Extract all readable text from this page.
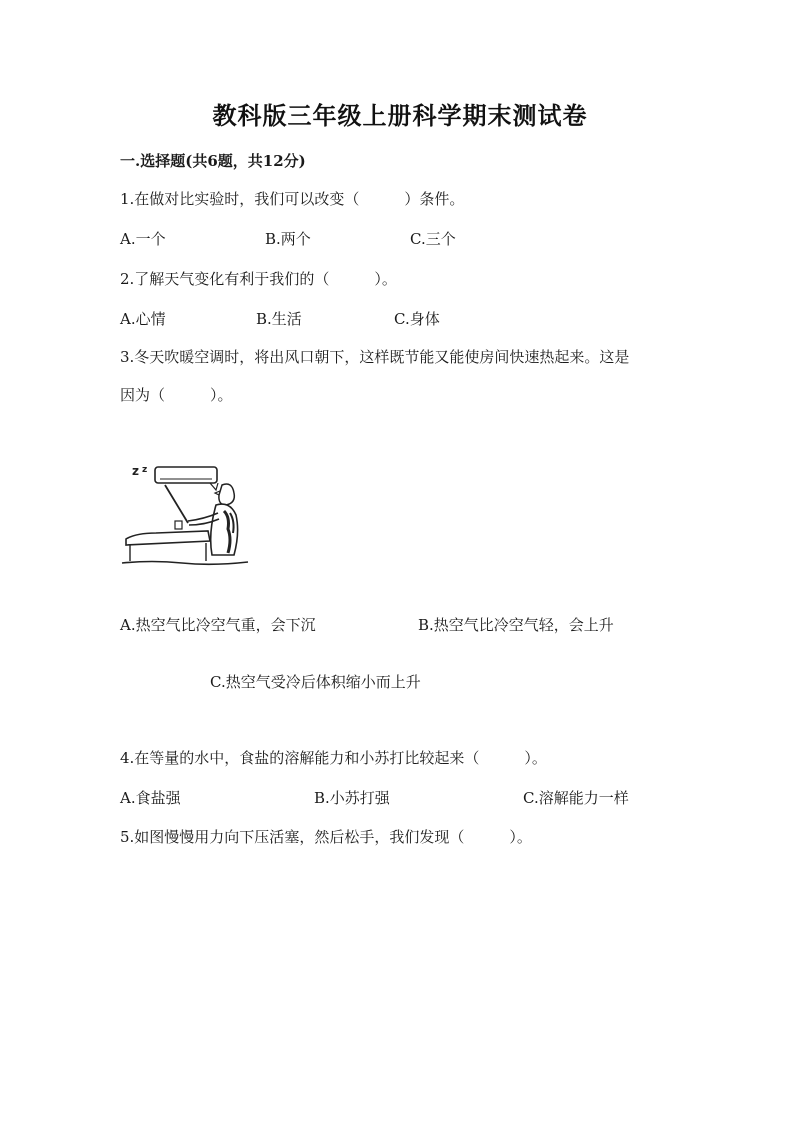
教科版三年级上册科学期末测试卷
一.选择题(共6题，共12分)
1.在做对比实验时，我们可以改变（　　　）条件。
A.一个	B.两个	C.三个
2.了解天气变化有利于我们的（　　　）。
A.心情	B.生活	C.身体
3.冬天吹暖空调时，将出风口朝下，这样既节能又能使房间快速热起来。这是
因为（　　　）。
z z
A.热空气比冷空气重，会下沉	B.热空气比冷空气轻，会上升
C.热空气受冷后体积缩小而上升
4.在等量的水中，食盐的溶解能力和小苏打比较起来（　　　）。
A.食盐强	B.小苏打强	C.溶解能力一样
5.如图慢慢用力向下压活塞，然后松手，我们发现（　　　）。
